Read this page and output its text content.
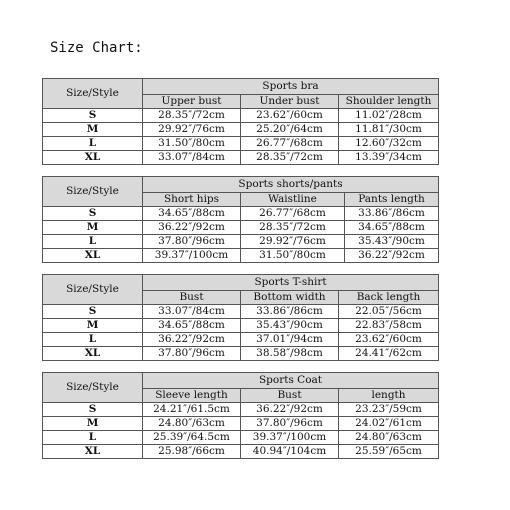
Size Chart:
Size/Style	Sports bra		
	Upper bust	Under bust	Shoulder length
S	28.35″/72cm	23.62″/60cm	11.02″/28cm
M	29.92″/76cm	25.20″/64cm	11.81″/30cm
L	31.50″/80cm	26.77″/68cm	12.60″/32cm
XL	33.07″/84cm	28.35″/72cm	13.39″/34cm
Size/Style	Sports shorts/pants		
	Short hips	Waistline	Pants length
S	34.65″/88cm	26.77″/68cm	33.86″/86cm
M	36.22″/92cm	28.35″/72cm	34.65″/88cm
L	37.80″/96cm	29.92″/76cm	35.43″/90cm
XL	39.37″/100cm	31.50″/80cm	36.22″/92cm
Size/Style	Sports T-shirt		
	Bust	Bottom width	Back length
S	33.07″/84cm	33.86″/86cm	22.05″/56cm
M	34.65″/88cm	35.43″/90cm	22.83″/58cm
L	36.22″/92cm	37.01″/94cm	23.62″/60cm
XL	37.80″/96cm	38.58″/98cm	24.41″/62cm
Size/Style	Sports Coat		
	Sleeve length	Bust	length
S	24.21″/61.5cm	36.22″/92cm	23.23″/59cm
M	24.80″/63cm	37.80″/96cm	24.02″/61cm
L	25.39″/64.5cm	39.37″/100cm	24.80″/63cm
XL	25.98″/66cm	40.94″/104cm	25.59″/65cm
